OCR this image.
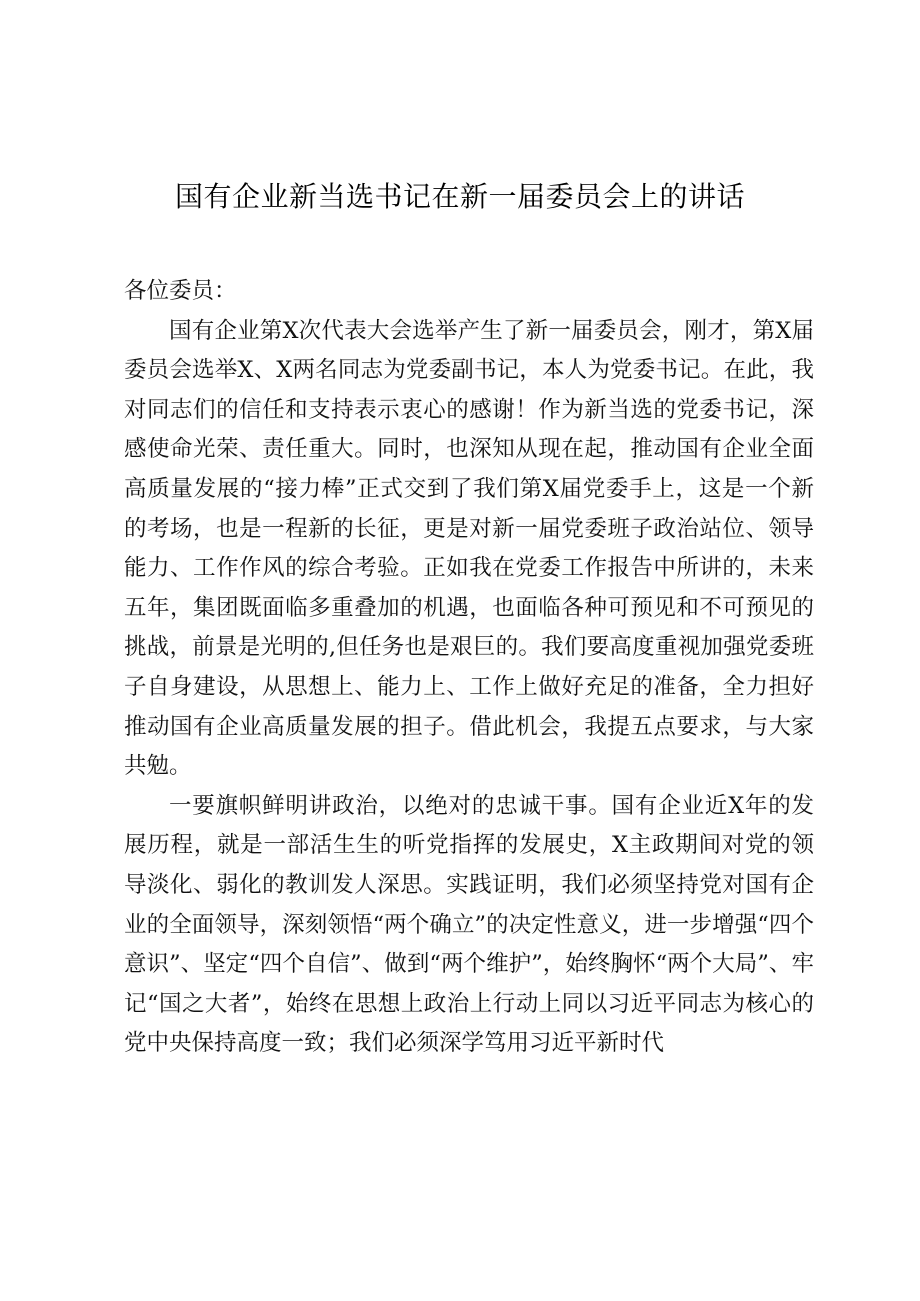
国有企业新当选书记在新一届委员会上的讲话

各位委员：

国有企业第X次代表大会选举产生了新一届委员会，刚才，第X届委员会选举X、X两名同志为党委副书记，本人为党委书记。在此，我对同志们的信任和支持表示衷心的感谢！作为新当选的党委书记，深感使命光荣、责任重大。同时，也深知从现在起，推动国有企业全面高质量发展的“接力棒”正式交到了我们第X届党委手上，这是一个新的考场，也是一程新的长征，更是对新一届党委班子政治站位、领导能力、工作作风的综合考验。正如我在党委工作报告中所讲的，未来五年，集团既面临多重叠加的机遇，也面临各种可预见和不可预见的挑战，前景是光明的,但任务也是艰巨的。我们要高度重视加强党委班子自身建设，从思想上、能力上、工作上做好充足的准备，全力担好推动国有企业高质量发展的担子。借此机会，我提五点要求，与大家共勉。

一要旗帜鲜明讲政治，以绝对的忠诚干事。国有企业近X年的发展历程，就是一部活生生的听党指挥的发展史，X主政期间对党的领导淡化、弱化的教训发人深思。实践证明，我们必须坚持党对国有企业的全面领导，深刻领悟“两个确立”的决定性意义，进一步增强“四个意识”、坚定“四个自信”、做到“两个维护”，始终胸怀“两个大局”、牢记“国之大者”，始终在思想上政治上行动上同以习近平同志为核心的党中央保持高度一致；我们必须深学笃用习近平新时代
